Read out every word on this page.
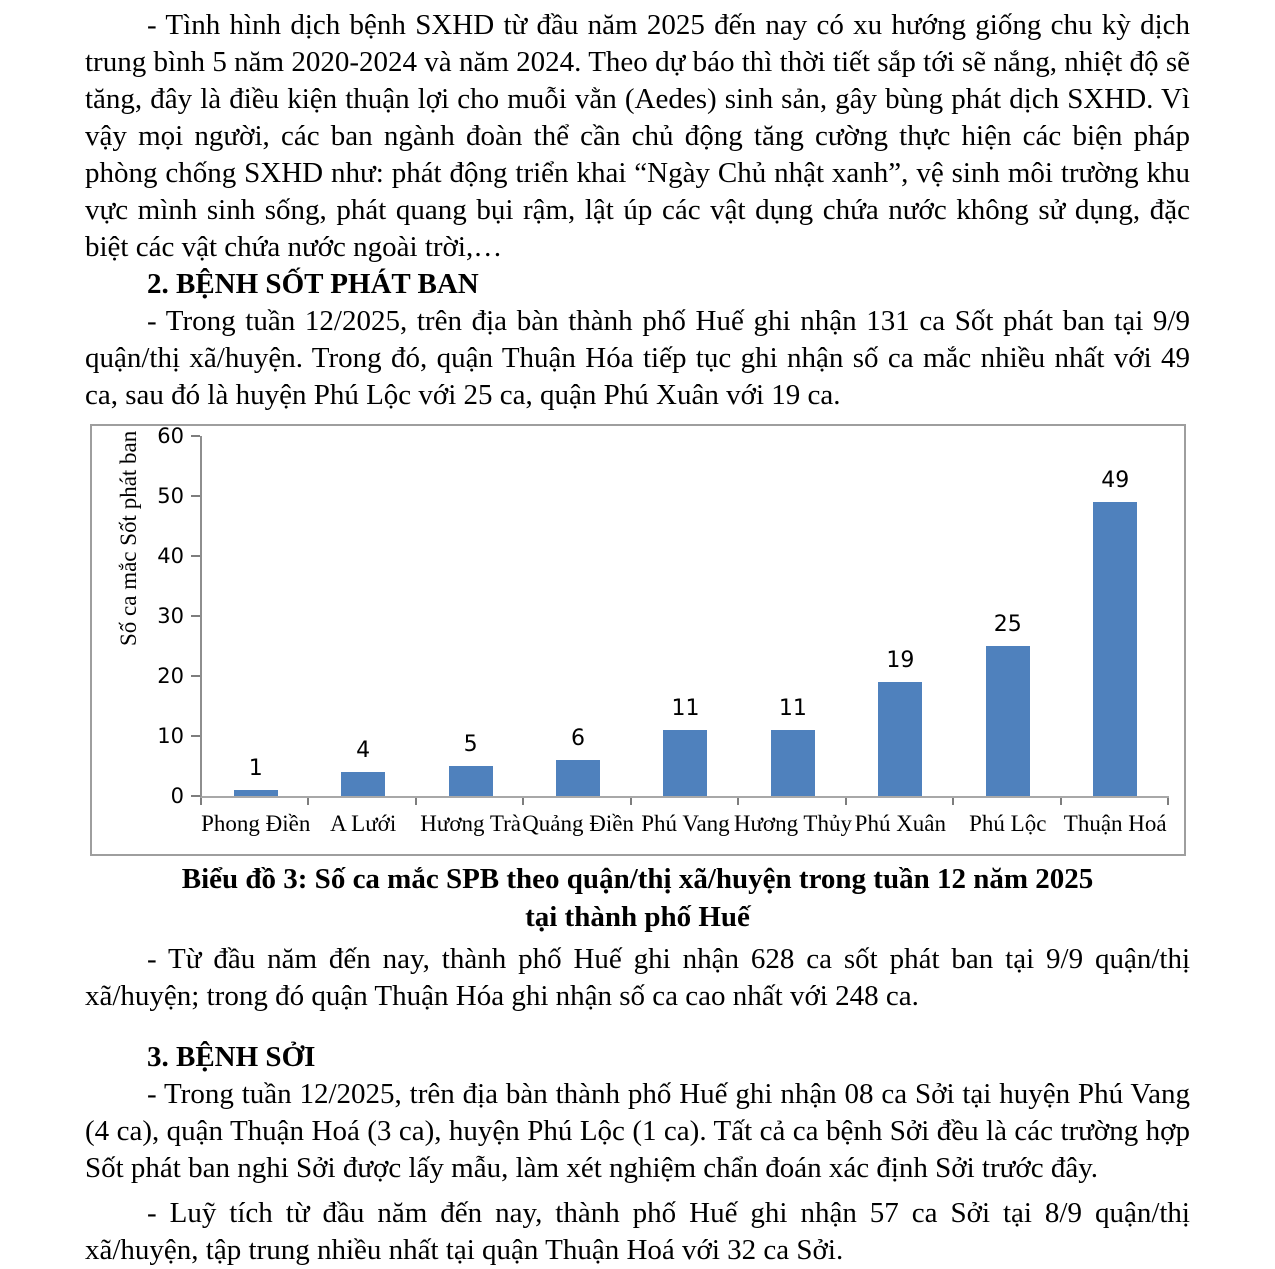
- Tình hình dịch bệnh SXHD từ đầu năm 2025 đến nay có xu hướng giống chu kỳ dịch trung bình 5 năm 2020-2024 và năm 2024. Theo dự báo thì thời tiết sắp tới sẽ nắng, nhiệt độ sẽ tăng, đây là điều kiện thuận lợi cho muỗi vằn (Aedes) sinh sản, gây bùng phát dịch SXHD. Vì vậy mọi người, các ban ngành đoàn thể cần chủ động tăng cường thực hiện các biện pháp phòng chống SXHD như: phát động triển khai “Ngày Chủ nhật xanh”, vệ sinh môi trường khu vực mình sinh sống, phát quang bụi rậm, lật úp các vật dụng chứa nước không sử dụng, đặc biệt các vật chứa nước ngoài trời,…

2. BỆNH SỐT PHÁT BAN

- Trong tuần 12/2025, trên địa bàn thành phố Huế ghi nhận 131 ca Sốt phát ban tại 9/9 quận/thị xã/huyện. Trong đó, quận Thuận Hóa tiếp tục ghi nhận số ca mắc nhiều nhất với 49 ca, sau đó là huyện Phú Lộc với 25 ca, quận Phú Xuân với 19 ca.

Số ca mắc Sốt phát ban
0
10
20
30
40
50
60
1
Phong Điền
4
A Lưới
5
Hương Trà
6
Quảng Điền
11
Phú Vang
11
Hương Thủy
19
Phú Xuân
25
Phú Lộc
49
Thuận Hoá
Biểu đồ 3: Số ca mắc SPB theo quận/thị xã/huyện trong tuần 12 năm 2025
tại thành phố Huế

- Từ đầu năm đến nay, thành phố Huế ghi nhận 628 ca sốt phát ban tại 9/9 quận/thị xã/huyện; trong đó quận Thuận Hóa ghi nhận số ca cao nhất với 248 ca.

3. BỆNH SỞI

- Trong tuần 12/2025, trên địa bàn thành phố Huế ghi nhận 08 ca Sởi tại huyện Phú Vang (4 ca), quận Thuận Hoá (3 ca), huyện Phú Lộc (1 ca). Tất cả ca bệnh Sởi đều là các trường hợp Sốt phát ban nghi Sởi được lấy mẫu, làm xét nghiệm chẩn đoán xác định Sởi trước đây.

- Luỹ tích từ đầu năm đến nay, thành phố Huế ghi nhận 57 ca Sởi tại 8/9 quận/thị xã/huyện, tập trung nhiều nhất tại quận Thuận Hoá với 32 ca Sởi.
